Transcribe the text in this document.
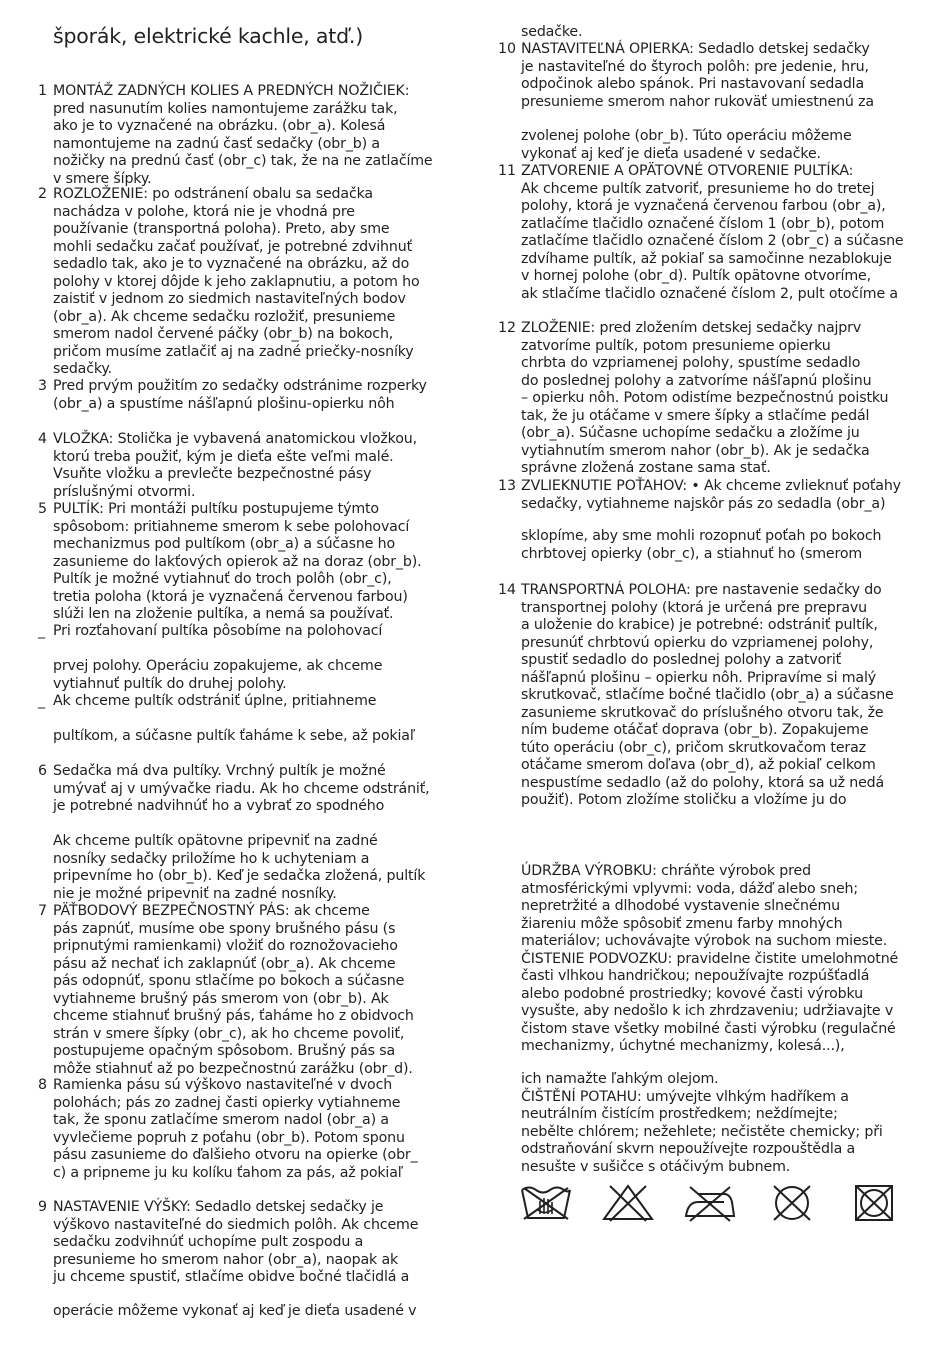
šporák, elektrické kachle, atď.)
1 MONTÁŽ ZADNÝCH KOLIES A PREDNÝCH NOŽIČIEK:
pred nasunutím kolies namontujeme zarážku tak,
ako je to vyznačené na obrázku. (obr_a). Kolesá
namontujeme na zadnú časť sedačky (obr_b) a
nožičky na prednú časť (obr_c) tak, že na ne zatlačíme
v smere šípky.
2 ROZLOŽENIE: po odstránení obalu sa sedačka
nachádza v polohe, ktorá nie je vhodná pre
používanie (transportná poloha). Preto, aby sme
mohli sedačku začať používať, je potrebné zdvihnuť
sedadlo tak, ako je to vyznačené na obrázku, až do
polohy v ktorej dôjde k jeho zaklapnutiu, a potom ho
zaistiť v jednom zo siedmich nastaviteľných bodov
(obr_a). Ak chceme sedačku rozložiť, presunieme
smerom nadol červené páčky (obr_b) na bokoch,
pričom musíme zatlačiť aj na zadné priečky-nosníky
sedačky.
3 Pred prvým použitím zo sedačky odstránime rozperky
(obr_a) a spustíme nášľapnú plošinu-opierku nôh
4 VLOŽKA: Stolička je vybavená anatomickou vložkou,
ktorú treba použiť, kým je dieťa ešte veľmi malé.
Vsuňte vložku a prevlečte bezpečnostné pásy
príslušnými otvormi.
5 PULTÍK: Pri montáži pultíku postupujeme týmto
spôsobom: pritiahneme smerom k sebe polohovací
mechanizmus pod pultíkom (obr_a) a súčasne ho
zasunieme do lakťových opierok až na doraz (obr_b).
Pultík je možné vytiahnuť do troch polôh (obr_c),
tretia poloha (ktorá je vyznačená červenou farbou)
slúži len na zloženie pultíka, a nemá sa používať.
_ Pri rozťahovaní pultíka pôsobíme na polohovací
prvej polohy. Operáciu zopakujeme, ak chceme
vytiahnuť pultík do druhej polohy.
_ Ak chceme pultík odstrániť úplne, pritiahneme
pultíkom, a súčasne pultík ťaháme k sebe, až pokiaľ
6 Sedačka má dva pultíky. Vrchný pultík je možné
umývať aj v umývačke riadu. Ak ho chceme odstrániť,
je potrebné nadvihnúť ho a vybrať zo spodného
Ak chceme pultík opätovne pripevniť na zadné
nosníky sedačky priložíme ho k uchyteniam a
pripevníme ho (obr_b). Keď je sedačka zložená, pultík
nie je možné pripevniť na zadné nosníky.
7 PÄŤBODOVÝ BEZPEČNOSTNÝ PÁS: ak chceme
pás zapnúť, musíme obe spony brušného pásu (s
pripnutými ramienkami) vložiť do roznožovacieho
pásu až nechať ich zaklapnúť (obr_a). Ak chceme
pás odopnúť, sponu stlačíme po bokoch a súčasne
vytiahneme brušný pás smerom von (obr_b). Ak
chceme stiahnuť brušný pás, ťaháme ho z obidvoch
strán v smere šípky (obr_c), ak ho chceme povoliť,
postupujeme opačným spôsobom. Brušný pás sa
môže stiahnuť až po bezpečnostnú zarážku (obr_d).
8 Ramienka pásu sú výškovo nastaviteľné v dvoch
polohách; pás zo zadnej časti opierky vytiahneme
tak, že sponu zatlačíme smerom nadol (obr_a) a
vyvlečieme popruh z poťahu (obr_b). Potom sponu
pásu zasunieme do ďalšieho otvoru na opierke (obr_
c) a pripneme ju ku kolíku ťahom za pás, až pokiaľ
9 NASTAVENIE VÝŠKY: Sedadlo detskej sedačky je
výškovo nastaviteľné do siedmich polôh. Ak chceme
sedačku zodvihnúť uchopíme pult zospodu a
presunieme ho smerom nahor (obr_a), naopak ak
ju chceme spustiť, stlačíme obidve bočné tlačidlá a
operácie môžeme vykonať aj keď je dieťa usadené v
sedačke.
10 NASTAVITEĽNÁ OPIERKA: Sedadlo detskej sedačky
je nastaviteľné do štyroch polôh: pre jedenie, hru,
odpočinok alebo spánok. Pri nastavovaní sedadla
presunieme smerom nahor rukoväť umiestnenú za
zvolenej polohe (obr_b). Túto operáciu môžeme
vykonať aj keď je dieťa usadené v sedačke.
11 ZATVORENIE A OPÄTOVNÉ OTVORENIE PULTÍKA:
Ak chceme pultík zatvoriť, presunieme ho do tretej
polohy, ktorá je vyznačená červenou farbou (obr_a),
zatlačíme tlačidlo označené číslom 1 (obr_b), potom
zatlačíme tlačidlo označené číslom 2 (obr_c) a súčasne
zdvíhame pultík, až pokiaľ sa samočinne nezablokuje
v hornej polohe (obr_d). Pultík opätovne otvoríme,
ak stlačíme tlačidlo označené číslom 2, pult otočíme a
12 ZLOŽENIE: pred zložením detskej sedačky najprv
zatvoríme pultík, potom presunieme opierku
chrbta do vzpriamenej polohy, spustíme sedadlo
do poslednej polohy a zatvoríme nášľapnú plošinu
– opierku nôh. Potom odistíme bezpečnostnú poistku
tak, že ju otáčame v smere šípky a stlačíme pedál
(obr_a). Súčasne uchopíme sedačku a zložíme ju
vytiahnutím smerom nahor (obr_b). Ak je sedačka
správne zložená zostane sama stať.
13 ZVLIEKNUTIE POŤAHOV: • Ak chceme zvlieknuť poťahy
sedačky, vytiahneme najskôr pás zo sedadla (obr_a)
sklopíme, aby sme mohli rozopnuť poťah po bokoch
chrbtovej opierky (obr_c), a stiahnuť ho (smerom
14 TRANSPORTNÁ POLOHA: pre nastavenie sedačky do
transportnej polohy (ktorá je určená pre prepravu
a uloženie do krabice) je potrebné: odstrániť pultík,
presunúť chrbtovú opierku do vzpriamenej polohy,
spustiť sedadlo do poslednej polohy a zatvoriť
nášľapnú plošinu – opierku nôh. Pripravíme si malý
skrutkovač, stlačíme bočné tlačidlo (obr_a) a súčasne
zasunieme skrutkovač do príslušného otvoru tak, že
ním budeme otáčať doprava (obr_b). Zopakujeme
túto operáciu (obr_c), pričom skrutkovačom teraz
otáčame smerom doľava (obr_d), až pokiaľ celkom
nespustíme sedadlo (až do polohy, ktorá sa už nedá
použiť). Potom zložíme stoličku a vložíme ju do
ÚDRŽBA VÝROBKU: chráňte výrobok pred
atmosférickými vplyvmi: voda, dážď alebo sneh;
nepretržité a dlhodobé vystavenie slnečnému
žiareniu môže spôsobiť zmenu farby mnohých
materiálov; uchovávajte výrobok na suchom mieste.
ČISTENIE PODVOZKU: pravidelne čistite umelohmotné
časti vlhkou handričkou; nepoužívajte rozpúšťadlá
alebo podobné prostriedky; kovové časti výrobku
vysušte, aby nedošlo k ich zhrdzaveniu; udržiavajte v
čistom stave všetky mobilné časti výrobku (regulačné
mechanizmy, úchytné mechanizmy, kolesá...),
ich namažte ľahkým olejom.
ČIŠTĚNÍ POTAHU: umývejte vlhkým hadříkem a
neutrálním čistícím prostředkem; neždímejte;
nebělte chlórem; nežehlete; nečistěte chemicky; při
odstraňování skvrn nepoužívejte rozpouštědla a
nesušte v sušičce s otáčivým bubnem.
